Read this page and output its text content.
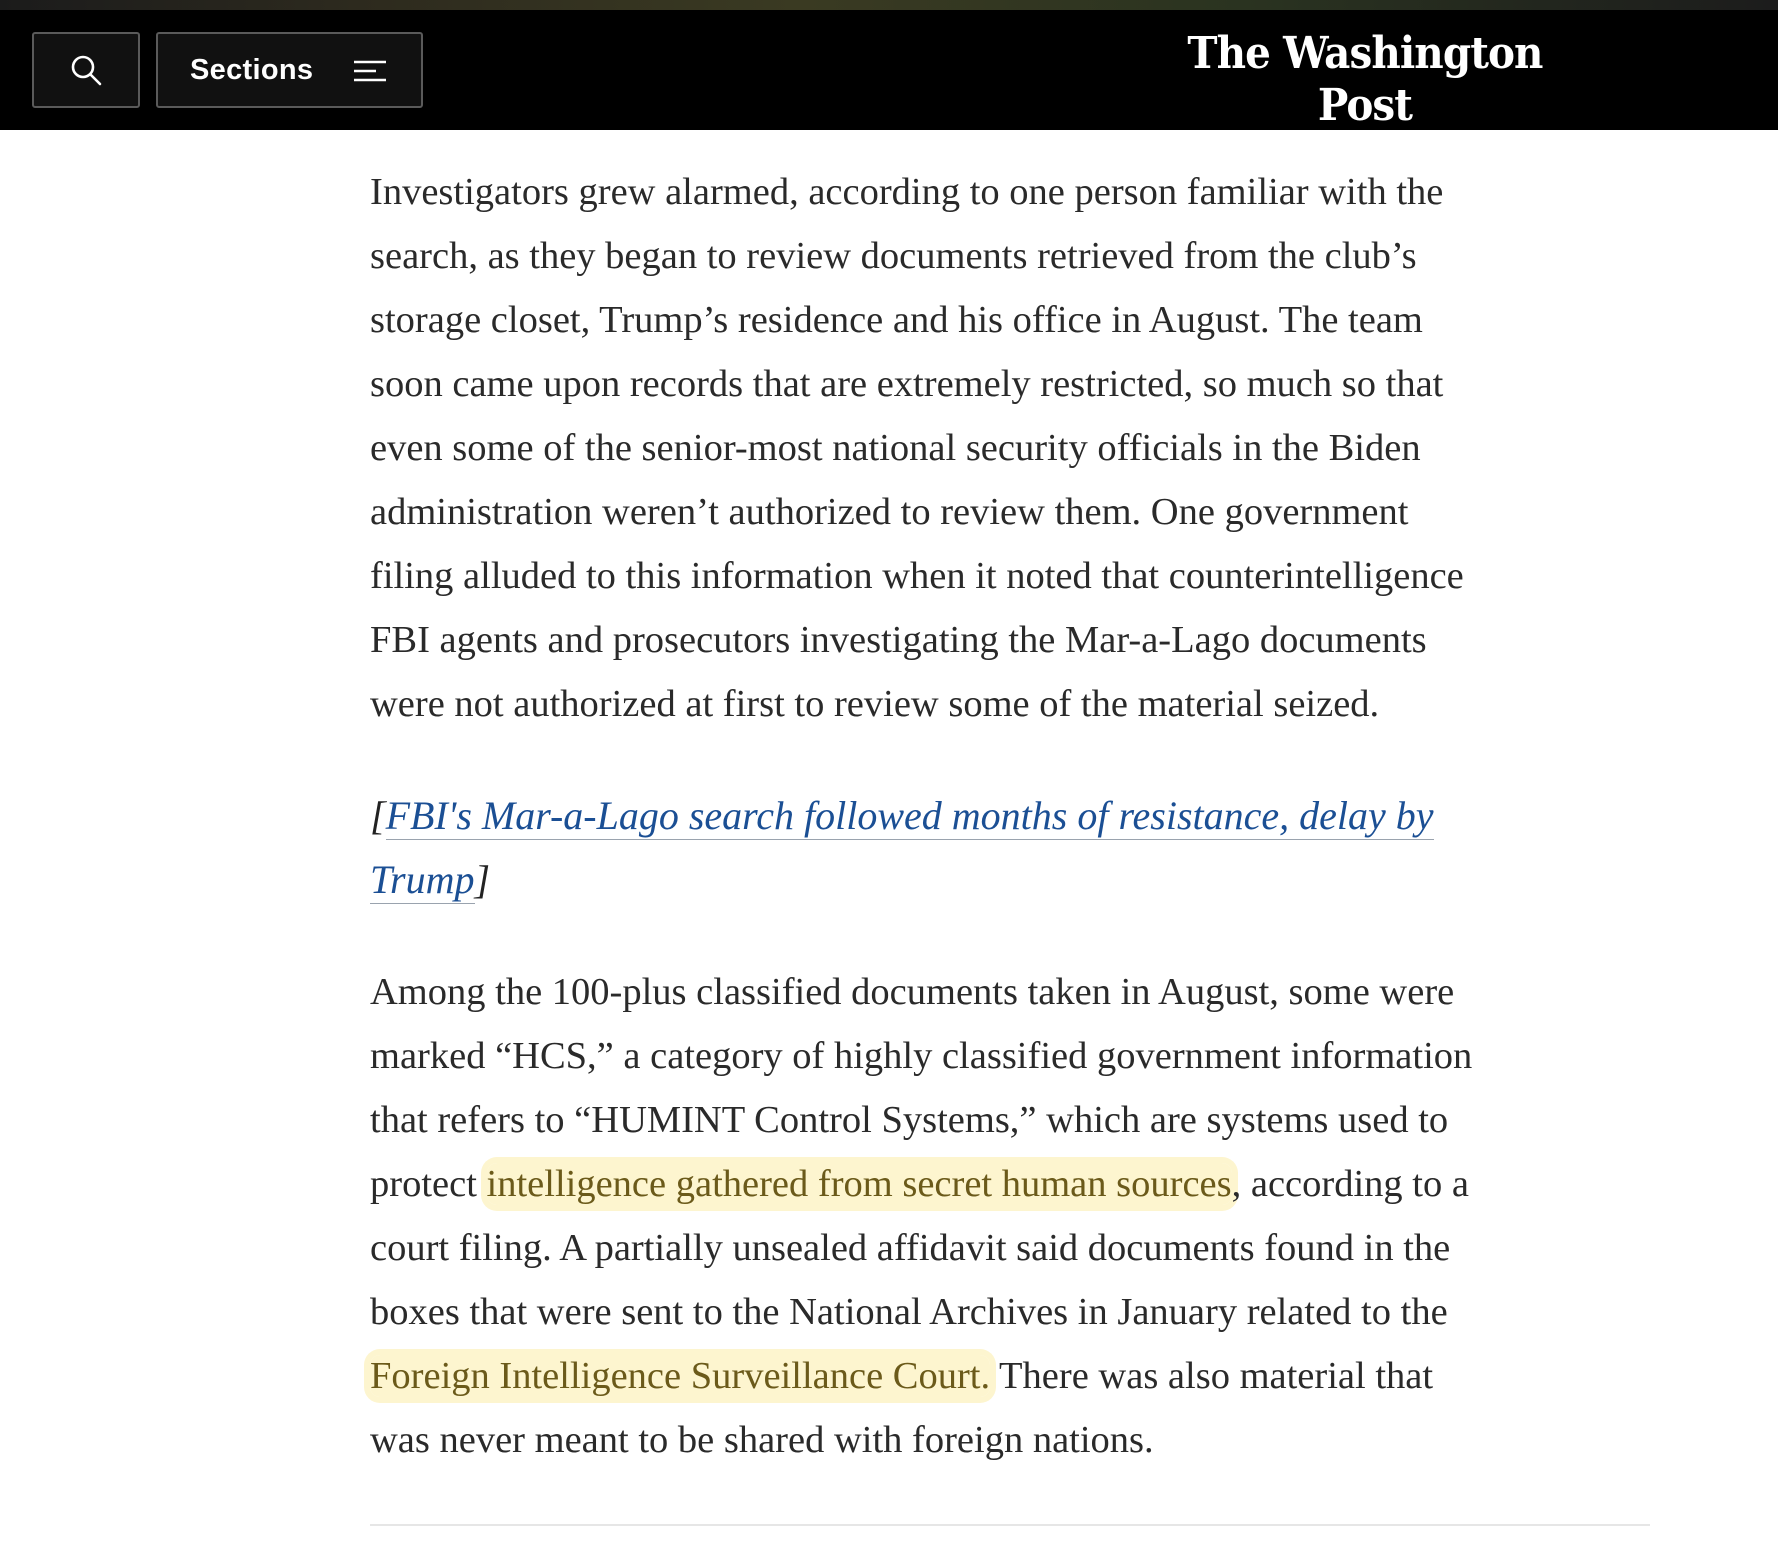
Sections	The Washington Post
Democracy Dies in Darkness

Investigators grew alarmed, according to one person familiar with the
search, as they began to review documents retrieved from the club’s
storage closet, Trump’s residence and his office in August. The team
soon came upon records that are extremely restricted, so much so that
even some of the senior-most national security officials in the Biden
administration weren’t authorized to review them. One government
filing alluded to this information when it noted that counterintelligence
FBI agents and prosecutors investigating the Mar-a-Lago documents
were not authorized at first to review some of the material seized.

[FBI's Mar-a-Lago search followed months of resistance, delay by
Trump]

Among the 100-plus classified documents taken in August, some were
marked “HCS,” a category of highly classified government information
that refers to “HUMINT Control Systems,” which are systems used to
protect intelligence gathered from secret human sources, according to a
court filing. A partially unsealed affidavit said documents found in the
boxes that were sent to the National Archives in January related to the
Foreign Intelligence Surveillance Court. There was also material that
was never meant to be shared with foreign nations.
